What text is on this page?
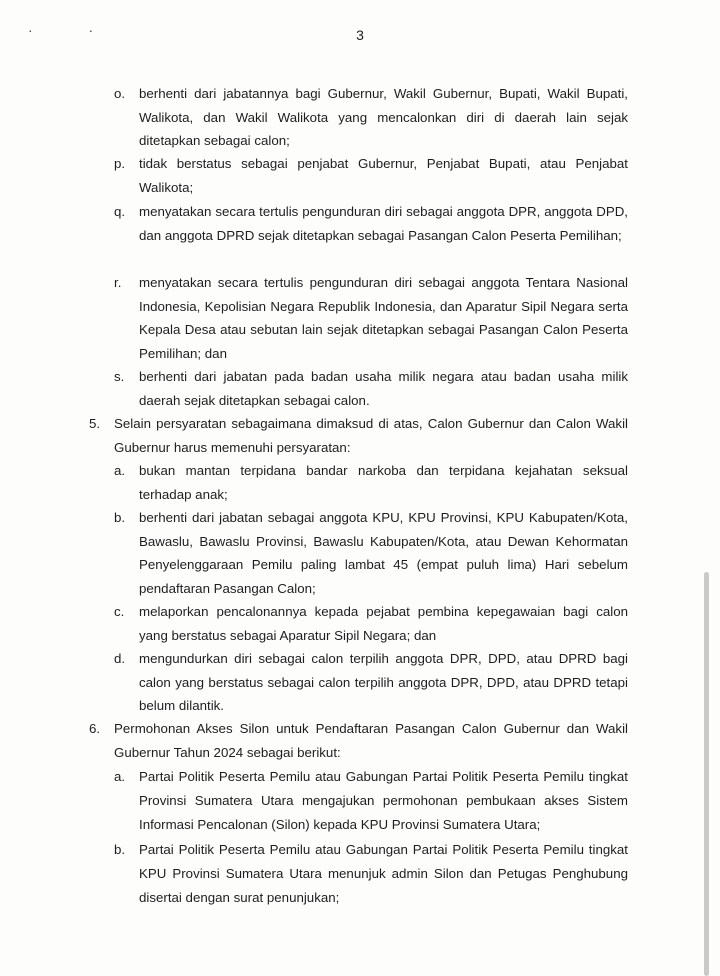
· ·	3
o. berhenti dari jabatannya bagi Gubernur, Wakil Gubernur, Bupati, Wakil Bupati, Walikota, dan Wakil Walikota yang mencalonkan diri di daerah lain sejak ditetapkan sebagai calon;
p. tidak berstatus sebagai penjabat Gubernur, Penjabat Bupati, atau Penjabat Walikota;
q. menyatakan secara tertulis pengunduran diri sebagai anggota DPR, anggota DPD, dan anggota DPRD sejak ditetapkan sebagai Pasangan Calon Peserta Pemilihan;
r. menyatakan secara tertulis pengunduran diri sebagai anggota Tentara Nasional Indonesia, Kepolisian Negara Republik Indonesia, dan Aparatur Sipil Negara serta Kepala Desa atau sebutan lain sejak ditetapkan sebagai Pasangan Calon Peserta Pemilihan; dan
s. berhenti dari jabatan pada badan usaha milik negara atau badan usaha milik daerah sejak ditetapkan sebagai calon.
5. Selain persyaratan sebagaimana dimaksud di atas, Calon Gubernur dan Calon Wakil Gubernur harus memenuhi persyaratan:
a. bukan mantan terpidana bandar narkoba dan terpidana kejahatan seksual terhadap anak;
b. berhenti dari jabatan sebagai anggota KPU, KPU Provinsi, KPU Kabupaten/Kota, Bawaslu, Bawaslu Provinsi, Bawaslu Kabupaten/Kota, atau Dewan Kehormatan Penyelenggaraan Pemilu paling lambat 45 (empat puluh lima) Hari sebelum pendaftaran Pasangan Calon;
c. melaporkan pencalonannya kepada pejabat pembina kepegawaian bagi calon yang berstatus sebagai Aparatur Sipil Negara; dan
d. mengundurkan diri sebagai calon terpilih anggota DPR, DPD, atau DPRD bagi calon yang berstatus sebagai calon terpilih anggota DPR, DPD, atau DPRD tetapi belum dilantik.
6. Permohonan Akses Silon untuk Pendaftaran Pasangan Calon Gubernur dan Wakil Gubernur Tahun 2024 sebagai berikut:
a. Partai Politik Peserta Pemilu atau Gabungan Partai Politik Peserta Pemilu tingkat Provinsi Sumatera Utara mengajukan permohonan pembukaan akses Sistem Informasi Pencalonan (Silon) kepada KPU Provinsi Sumatera Utara;
b. Partai Politik Peserta Pemilu atau Gabungan Partai Politik Peserta Pemilu tingkat KPU Provinsi Sumatera Utara menunjuk admin Silon dan Petugas Penghubung disertai dengan surat penunjukan;
